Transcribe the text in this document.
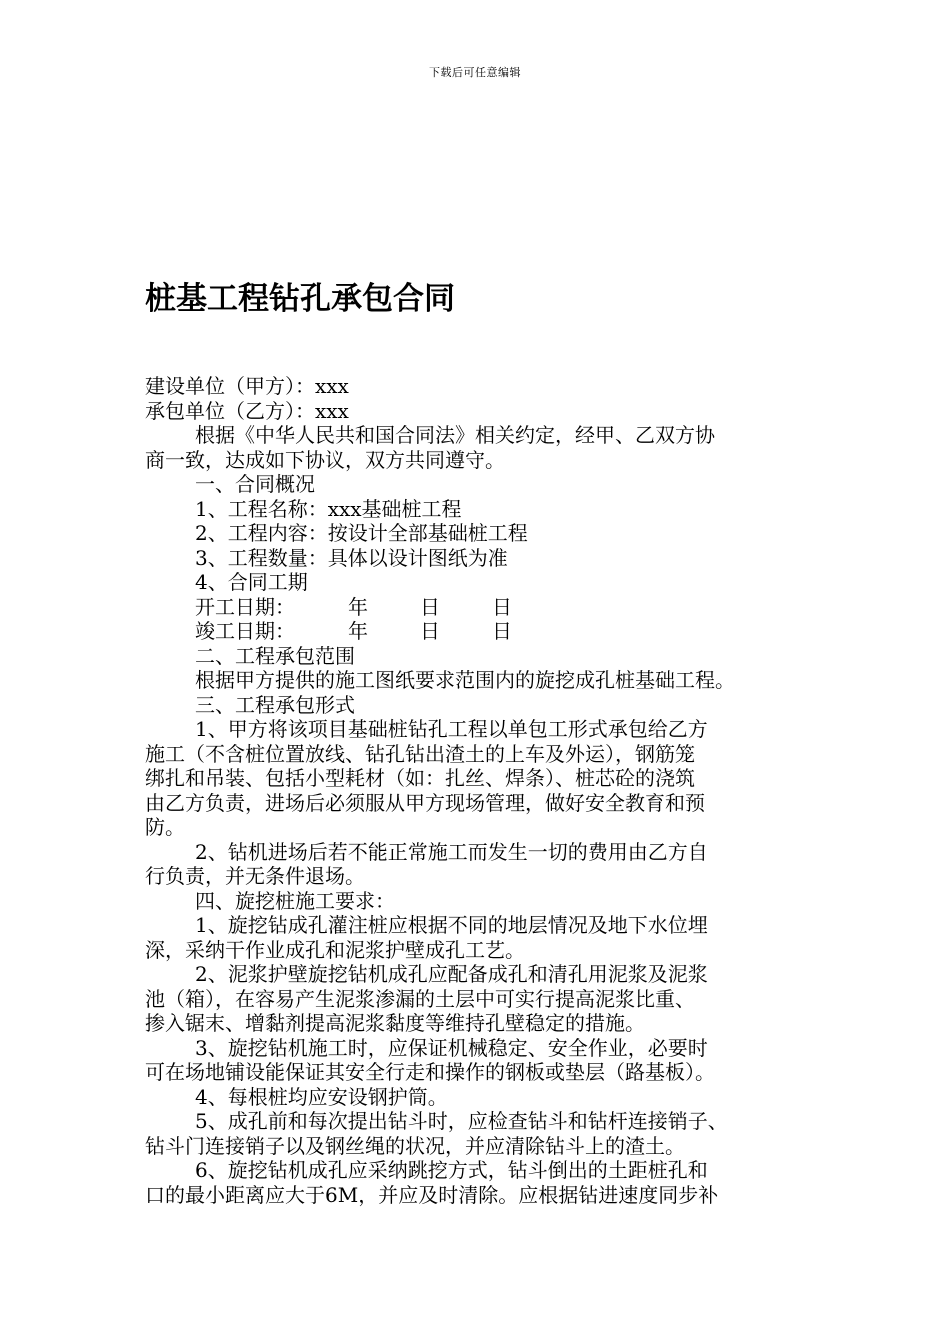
下载后可任意编辑
桩基工程钻孔承包合同
建设单位（甲方）：xxx
承包单位（乙方）：xxx
根据《中华人民共和国合同法》相关约定，经甲、乙双方协
商一致，达成如下协议，双方共同遵守。
一、合同概况
1、工程名称：xxx基础桩工程
2、工程内容：按设计全部基础桩工程
3、工程数量：具体以设计图纸为准
4、合同工期
开工日期：	年	日	日
竣工日期：	年	日	日
二、工程承包范围
根据甲方提供的施工图纸要求范围内的旋挖成孔桩基础工程。
三、工程承包形式
1、甲方将该项目基础桩钻孔工程以单包工形式承包给乙方
施工（不含桩位置放线、钻孔钻出渣土的上车及外运），钢筋笼
绑扎和吊装、包括小型耗材（如：扎丝、焊条）、桩芯砼的浇筑
由乙方负责，进场后必须服从甲方现场管理，做好安全教育和预
防。
2、钻机进场后若不能正常施工而发生一切的费用由乙方自
行负责，并无条件退场。
四、旋挖桩施工要求：
1、旋挖钻成孔灌注桩应根据不同的地层情况及地下水位埋
深，采纳干作业成孔和泥浆护壁成孔工艺。
2、泥浆护壁旋挖钻机成孔应配备成孔和清孔用泥浆及泥浆
池（箱），在容易产生泥浆渗漏的土层中可实行提高泥浆比重、
掺入锯末、增黏剂提高泥浆黏度等维持孔壁稳定的措施。
3、旋挖钻机施工时，应保证机械稳定、安全作业，必要时
可在场地铺设能保证其安全行走和操作的钢板或垫层（路基板）。
4、每根桩均应安设钢护筒。
5、成孔前和每次提出钻斗时，应检查钻斗和钻杆连接销子、
钻斗门连接销子以及钢丝绳的状况，并应清除钻斗上的渣土。
6、旋挖钻机成孔应采纳跳挖方式，钻斗倒出的土距桩孔和
口的最小距离应大于6M，并应及时清除。应根据钻进速度同步补
